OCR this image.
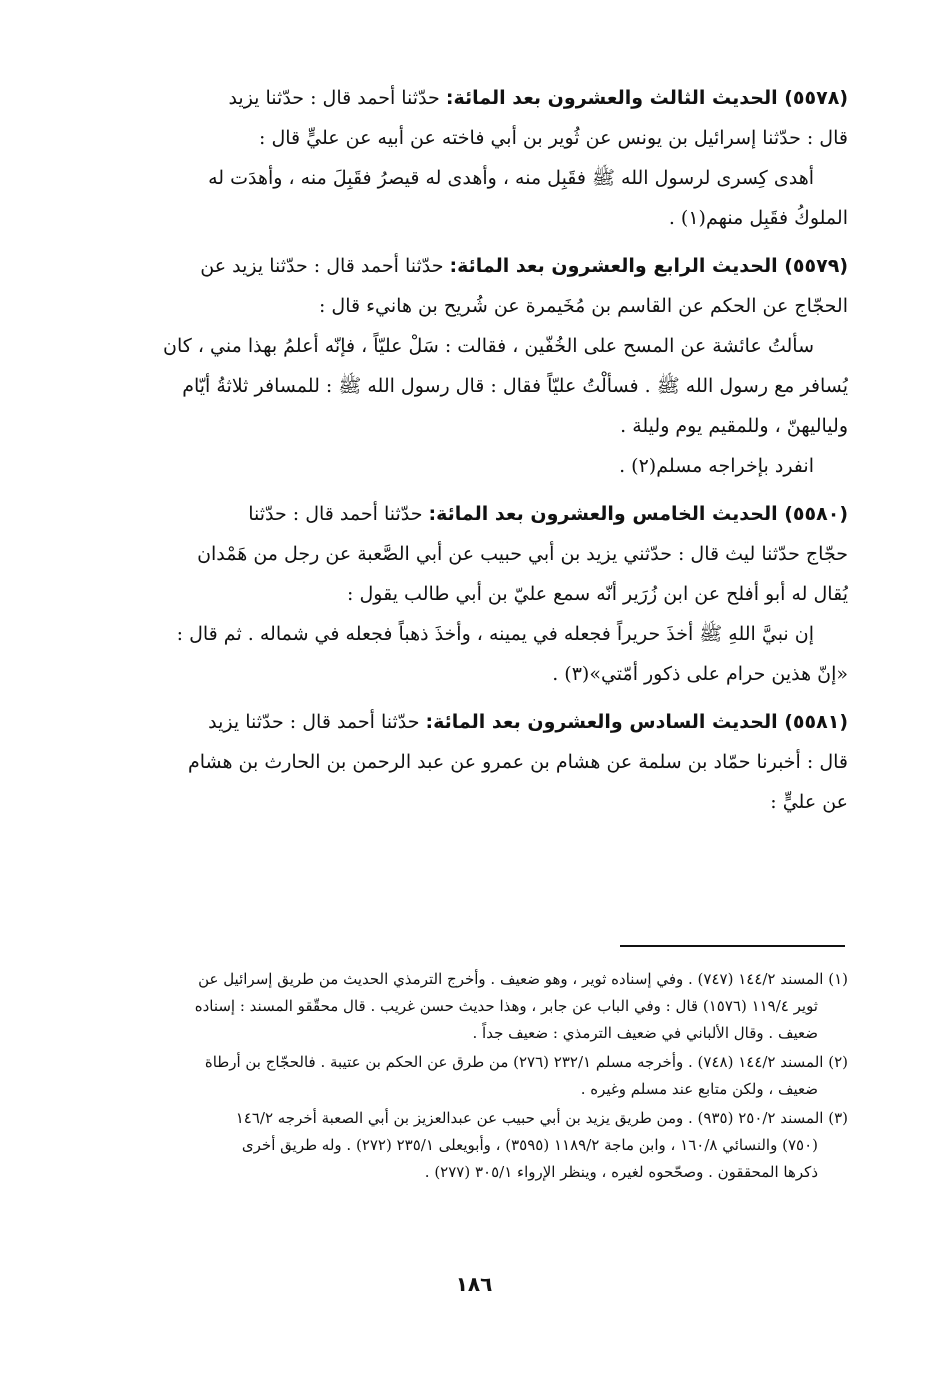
(٥٥٧٨) الحديث الثالث والعشرون بعد المائة: حدّثنا أحمد قال : حدّثنا يزيد
قال : حدّثنا إسرائيل بن يونس عن ثُوير بن أبي فاخته عن أبيه عن عليٍّ قال :
أهدى كِسرى لرسول الله ﷺ فقَبِل منه ، وأهدى له قيصرُ فقَبِلَ منه ، وأهدَت له
الملوكُ فقَبِل منهم(١) .
(٥٥٧٩) الحديث الرابع والعشرون بعد المائة: حدّثنا أحمد قال : حدّثنا يزيد عن
الحجّاج عن الحكم عن القاسم بن مُخَيمرة عن شُريح بن هانيء قال :
سألتُ عائشة عن المسح على الخُفّين ، فقالت : سَلْ عليّاً ، فإنّه أعلمُ بهذا مني ، كان
يُسافر مع رسول الله ﷺ . فسألْتُ عليّاً فقال : قال رسول الله ﷺ : للمسافر ثلاثةُ أيّام
ولياليهنّ ، وللمقيم يوم وليلة .
انفرد بإخراجه مسلم(٢) .
(٥٥٨٠) الحديث الخامس والعشرون بعد المائة: حدّثنا أحمد قال : حدّثنا
حجّاج حدّثنا ليث قال : حدّثني يزيد بن أبي حبيب عن أبي الصَّعبة عن رجل من هَمْدان
يُقال له أبو أفلح عن ابن زُرَير أنّه سمع عليّ بن أبي طالب يقول :
إن نبيَّ اللهِ ﷺ أخذَ حريراً فجعله في يمينه ، وأخذَ ذهباً فجعله في شماله . ثم قال :
«إنّ هذين حرام على ذكور أمّتي»(٣) .
(٥٥٨١) الحديث السادس والعشرون بعد المائة: حدّثنا أحمد قال : حدّثنا يزيد
قال : أخبرنا حمّاد بن سلمة عن هشام بن عمرو عن عبد الرحمن بن الحارث بن هشام
عن عليٍّ :
(١) المسند ١٤٤/٢ (٧٤٧) . وفي إسناده ثوير ، وهو ضعيف . وأخرج الترمذي الحديث من طريق إسرائيل عن
ثوير ١١٩/٤ (١٥٧٦) قال : وفي الباب عن جابر ، وهذا حديث حسن غريب . قال محقّقو المسند : إسناده
ضعيف . وقال الألباني في ضعيف الترمذي : ضعيف جداً .
(٢) المسند ١٤٤/٢ (٧٤٨) . وأخرجه مسلم ٢٣٢/١ (٢٧٦) من طرق عن الحكم بن عتيبة . فالحجّاج بن أرطاة
ضعيف ، ولكن متابع عند مسلم وغيره .
(٣) المسند ٢٥٠/٢ (٩٣٥) . ومن طريق يزيد بن أبي حبيب عن عبدالعزيز بن أبي الصعبة أخرجه ١٤٦/٢
(٧٥٠) والنسائي ١٦٠/٨ ، وابن ماجة ١١٨٩/٢ (٣٥٩٥) ، وأبويعلى ٢٣٥/١ (٢٧٢) . وله طريق أخرى
ذكرها المحققون . وصحّحوه لغيره ، وينظر الإرواء ٣٠٥/١ (٢٧٧) .
١٨٦
